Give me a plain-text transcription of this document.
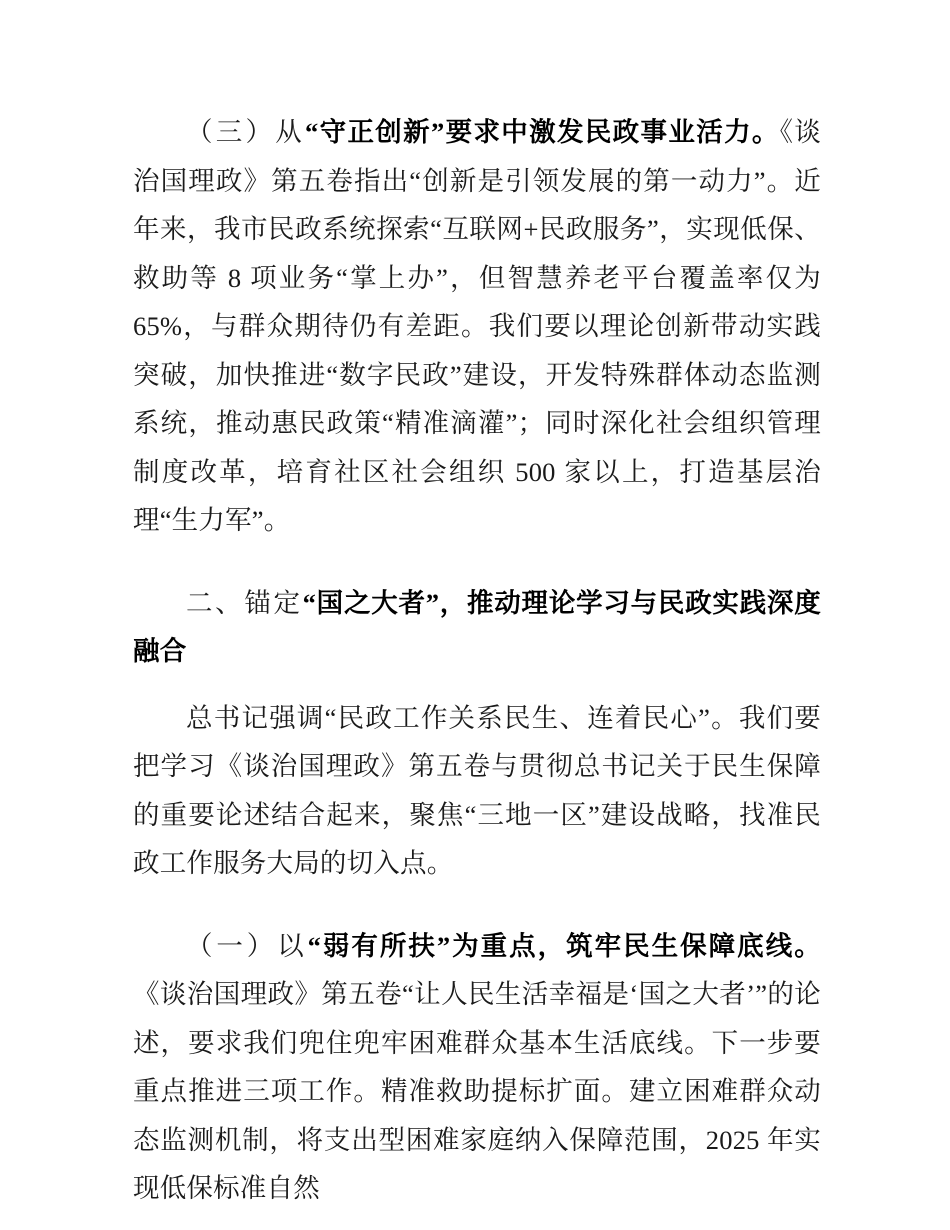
（三）从“守正创新”要求中激发民政事业活力。《谈治国理政》第五卷指出“创新是引领发展的第一动力”。近年来，我市民政系统探索“互联网+民政服务”，实现低保、救助等 8 项业务“掌上办”，但智慧养老平台覆盖率仅为 65%，与群众期待仍有差距。我们要以理论创新带动实践突破，加快推进“数字民政”建设，开发特殊群体动态监测系统，推动惠民政策“精准滴灌”；同时深化社会组织管理制度改革，培育社区社会组织 500 家以上，打造基层治理“生力军”。

二、锚定“国之大者”，推动理论学习与民政实践深度融合

总书记强调“民政工作关系民生、连着民心”。我们要把学习《谈治国理政》第五卷与贯彻总书记关于民生保障的重要论述结合起来，聚焦“三地一区”建设战略，找准民政工作服务大局的切入点。

（一）以“弱有所扶”为重点，筑牢民生保障底线。《谈治国理政》第五卷“让人民生活幸福是‘国之大者’”的论述，要求我们兜住兜牢困难群众基本生活底线。下一步要重点推进三项工作。精准救助提标扩面。建立困难群众动态监测机制，将支出型困难家庭纳入保障范围，2025 年实现低保标准自然
